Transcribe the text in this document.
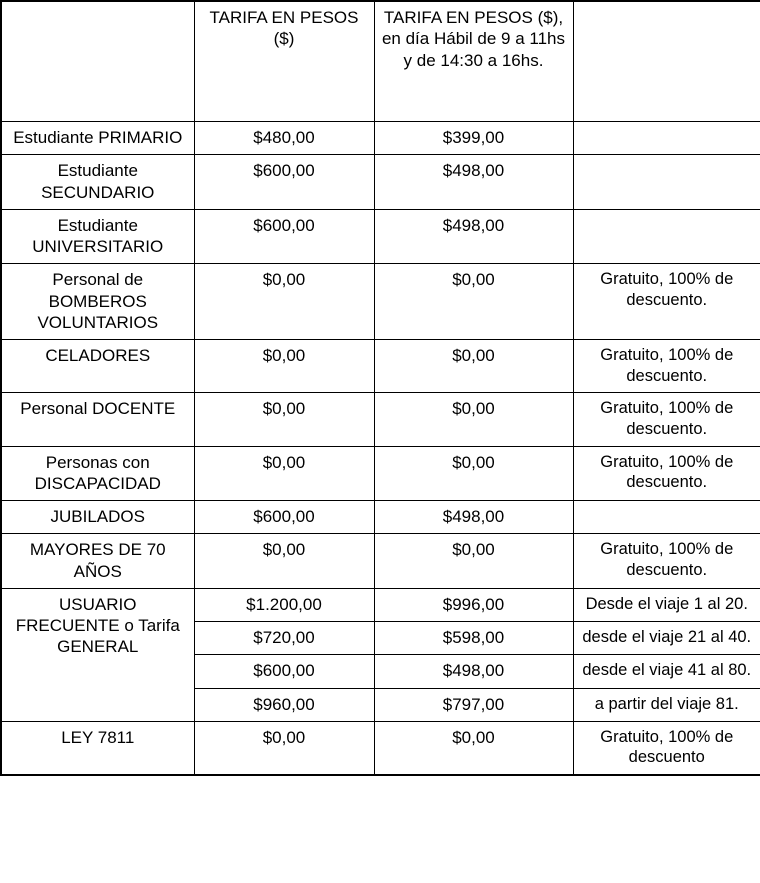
	TARIFA EN PESOS ($)	TARIFA EN PESOS ($), en día Hábil de 9 a 11hs y de 14:30 a 16hs.	
Estudiante PRIMARIO	$480,00	$399,00	
Estudiante SECUNDARIO	$600,00	$498,00	
Estudiante UNIVERSITARIO	$600,00	$498,00	
Personal de BOMBEROS VOLUNTARIOS	$0,00	$0,00	Gratuito, 100% de descuento.
CELADORES	$0,00	$0,00	Gratuito, 100% de descuento.
Personal DOCENTE	$0,00	$0,00	Gratuito, 100% de descuento.
Personas con DISCAPACIDAD	$0,00	$0,00	Gratuito, 100% de descuento.
JUBILADOS	$600,00	$498,00	
MAYORES DE 70 AÑOS	$0,00	$0,00	Gratuito, 100% de descuento.
USUARIO FRECUENTE o Tarifa GENERAL	$1.200,00	$996,00	Desde el viaje 1 al 20.
	$720,00	$598,00	desde el viaje 21 al 40.
	$600,00	$498,00	desde el viaje 41 al 80.
	$960,00	$797,00	a partir del viaje 81.
LEY 7811	$0,00	$0,00	Gratuito, 100% de descuento
